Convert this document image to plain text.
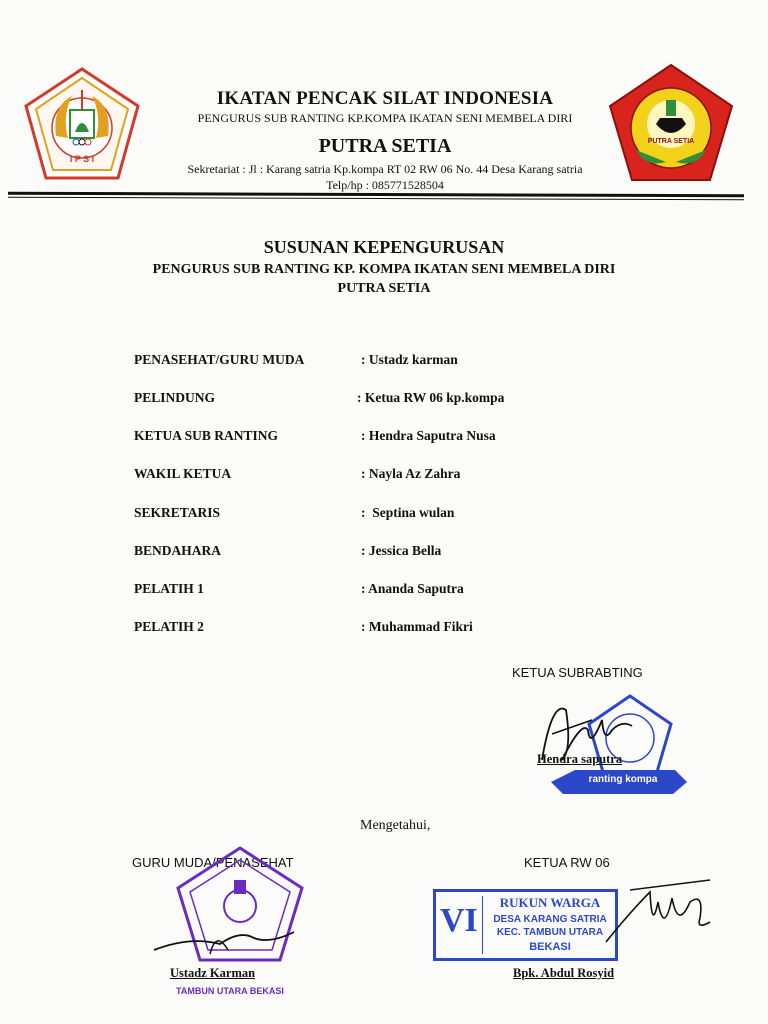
I P S I
PUTRA SETIA
IKATAN PENCAK SILAT INDONESIA
PENGURUS SUB RANTING KP.KOMPA IKATAN SENI MEMBELA DIRI
PUTRA SETIA
Sekretariat : Jl : Karang satria Kp.kompa RT 02 RW 06 No. 44 Desa Karang satria
Telp/hp : 085771528504
SUSUNAN KEPENGURUSAN
PENGURUS SUB RANTING KP. KOMPA IKATAN SENI MEMBELA DIRI
PUTRA SETIA
PENASEHAT/GURU MUDA	: Ustadz karman
PELINDUNG	: Ketua RW 06 kp.kompa
KETUA SUB RANTING	: Hendra Saputra Nusa
WAKIL KETUA	: Nayla Az Zahra
SEKRETARIS	:  Septina wulan
BENDAHARA	: Jessica Bella
PELATIH 1	: Ananda Saputra
PELATIH 2	: Muhammad Fikri
KETUA SUBRABTING
ranting kompa
Hendra saputra
Mengetahui,
GURU MUDA/PENASEHAT
Ustadz Karman
TAMBUN UTARA BEKASI
KETUA RW 06
VI	RUKUN WARGA
DESA KARANG SATRIA
KEC. TAMBUN UTARA
BEKASI
Bpk. Abdul Rosyid
